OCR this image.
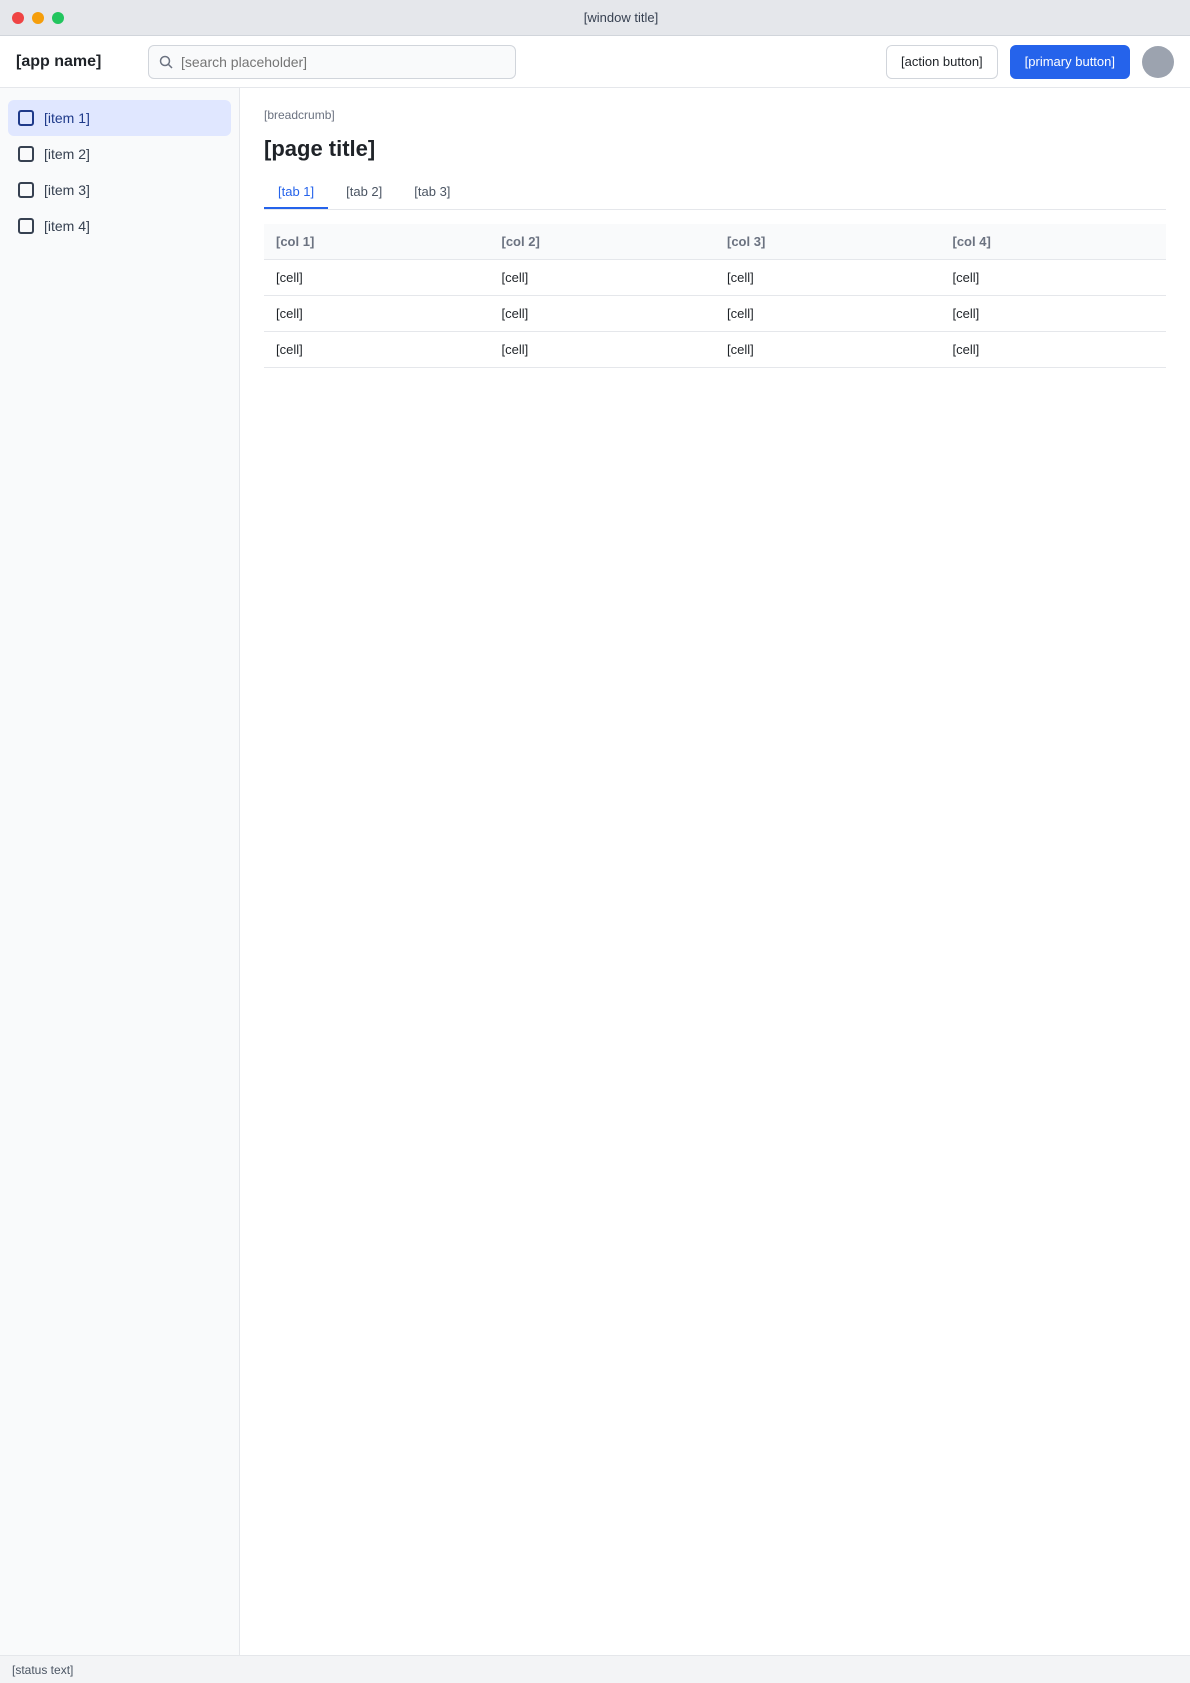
[window title]
[app name]
[search placeholder]	[action button]	[primary button]
[item 1]
[item 2]
[item 3]
[item 4]
[breadcrumb]
[page title]
[tab 1]	[tab 2]	[tab 3]
[col 1]	[col 2]	[col 3]	[col 4]
[cell]	[cell]	[cell]	[cell]
[cell]	[cell]	[cell]	[cell]
[cell]	[cell]	[cell]	[cell]
[status text]
